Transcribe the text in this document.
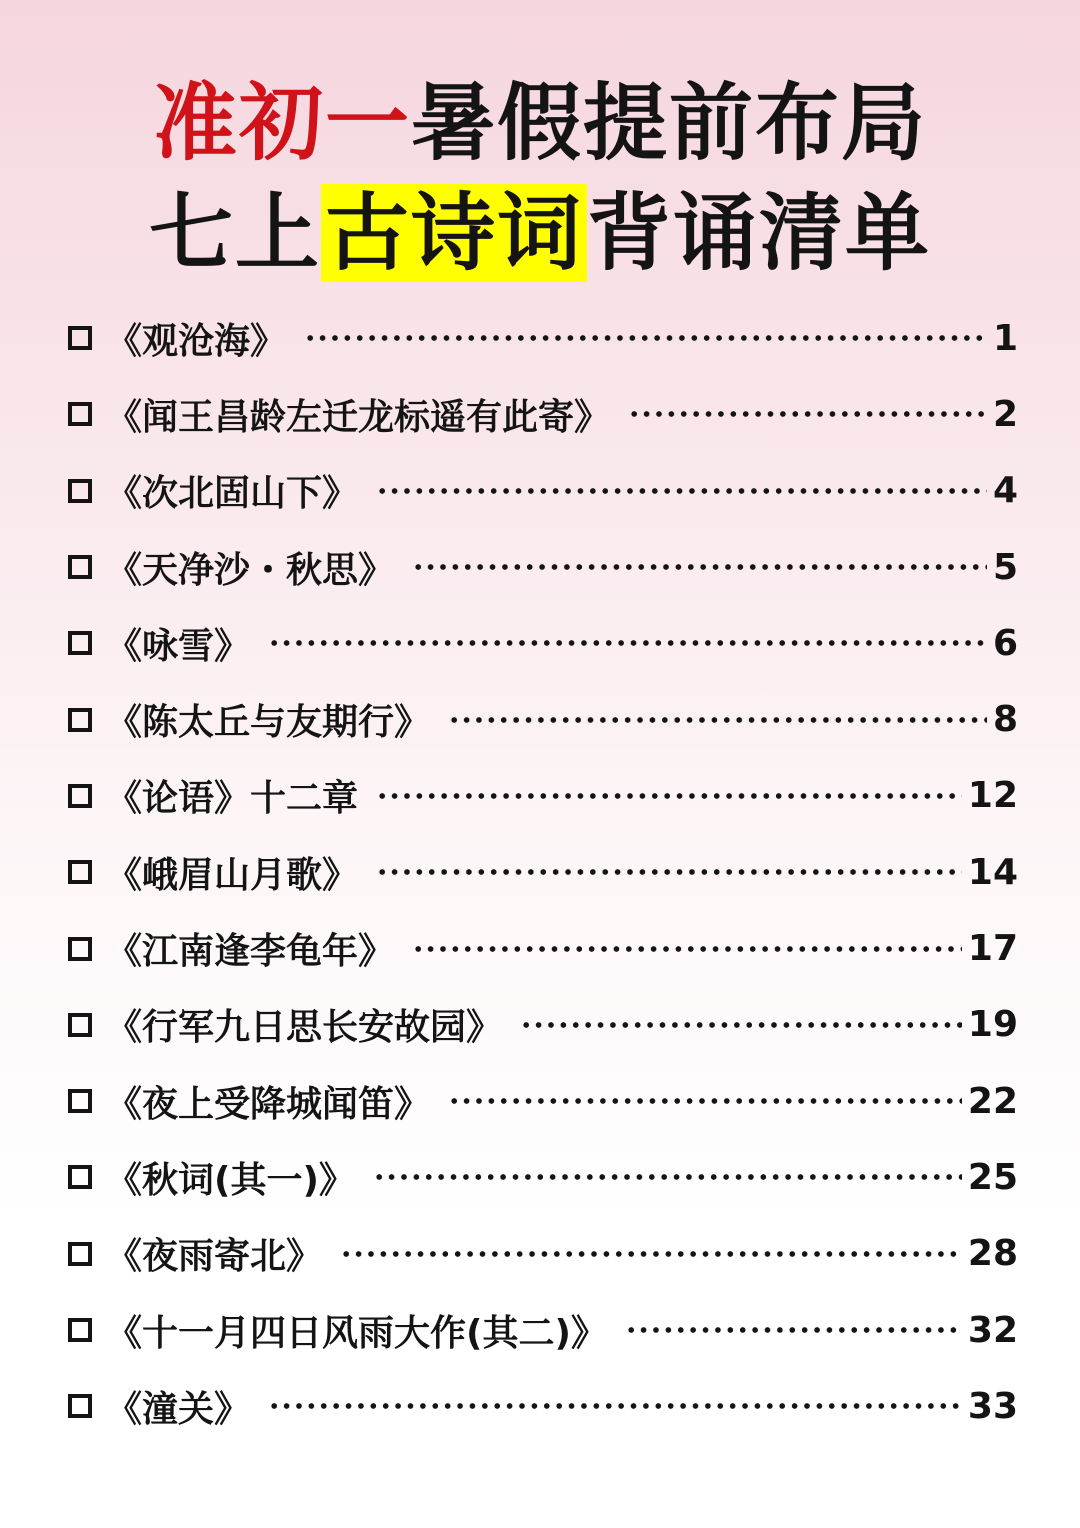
准初一暑假提前布局
七上古诗词背诵清单
《观沧海》	1
《闻王昌龄左迁龙标遥有此寄》	2
《次北固山下》	4
《天净沙・秋思》	5
《咏雪》	6
《陈太丘与友期行》	8
《论语》十二章	12
《峨眉山月歌》	14
《江南逢李龟年》	17
《行军九日思长安故园》	19
《夜上受降城闻笛》	22
《秋词(其一)》	25
《夜雨寄北》	28
《十一月四日风雨大作(其二)》	32
《潼关》	33
